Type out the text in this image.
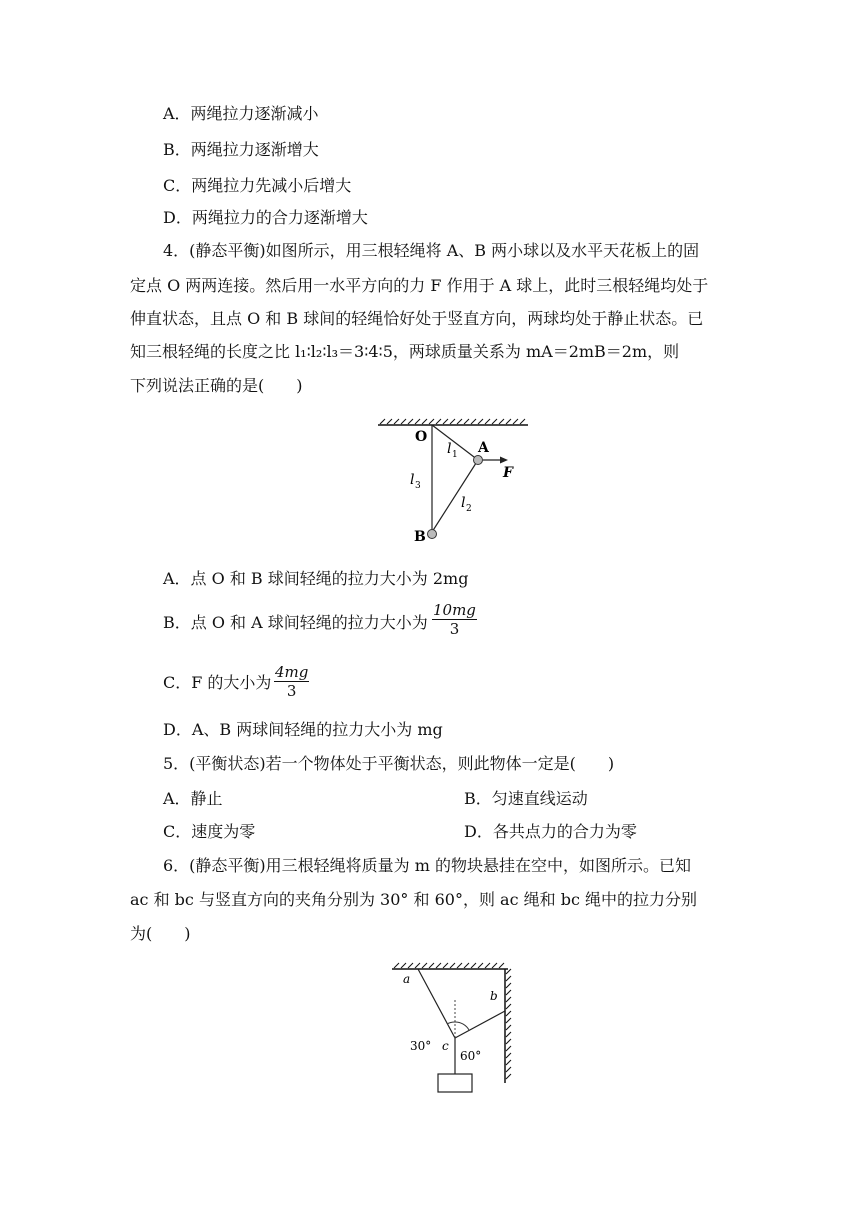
A．两绳拉力逐渐减小
B．两绳拉力逐渐增大
C．两绳拉力先减小后增大
D．两绳拉力的合力逐渐增大
4．(静态平衡)如图所示，用三根轻绳将 A、B 两小球以及水平天花板上的固
定点 O 两两连接。然后用一水平方向的力 F 作用于 A 球上，此时三根轻绳均处于
伸直状态，且点 O 和 B 球间的轻绳恰好处于竖直方向，两球均处于静止状态。已
知三根轻绳的长度之比 l₁∶l₂∶l₃＝3∶4∶5，两球质量关系为 mA＝2mB＝2m，则
下列说法正确的是(　　)
O
A
B
F
l 1
l 3
l 2
A．点 O 和 B 球间轻绳的拉力大小为 2mg
B．点 O 和 A 球间轻绳的拉力大小为 $\frac{10mg}{3}$
C．F 的大小为 $\frac{4mg}{3}$
D．A、B 两球间轻绳的拉力大小为 mg
5．(平衡状态)若一个物体处于平衡状态，则此物体一定是(　　)
A．静止	B．匀速直线运动
C．速度为零	D．各共点力的合力为零
6．(静态平衡)用三根轻绳将质量为 m 的物块悬挂在空中，如图所示。已知
ac 和 bc 与竖直方向的夹角分别为 30° 和 60°，则 ac 绳和 bc 绳中的拉力分别
为(　　)
a
b
c
30°
60°
